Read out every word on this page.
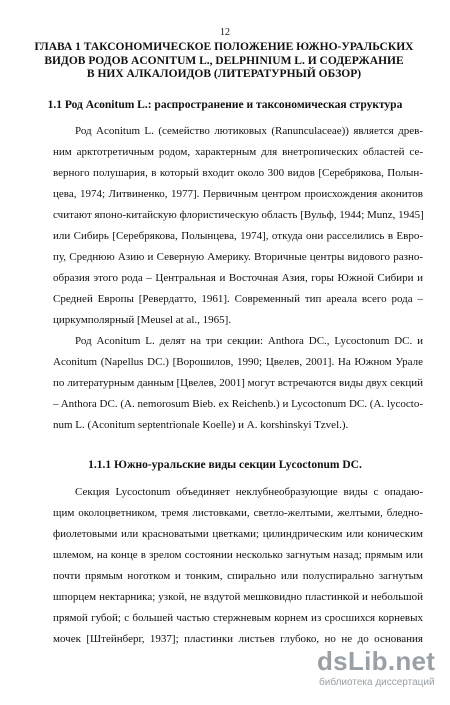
12
ГЛАВА 1 ТАКСОНОМИЧЕСКОЕ ПОЛОЖЕНИЕ ЮЖНО-УРАЛЬСКИХ
ВИДОВ РОДОВ ACONITUM L., DELPHINIUM L. И СОДЕРЖАНИЕ
В НИХ АЛКАЛОИДОВ (ЛИТЕРАТУРНЫЙ ОБЗОР)
1.1 Род Aconitum L.: распространение и таксономическая структура
Род Aconitum L. (семейство лютиковых (Ranunculaceae)) является древ-
ним арктотретичным родом, характерным для внетропических областей се-
верного полушария, в который входит около 300 видов [Серебрякова, Полын-
цева, 1974; Литвиненко, 1977]. Первичным центром происхождения аконитов
считают японо-китайскую флористическую область [Вульф, 1944; Munz, 1945]
или Сибирь [Серебрякова, Полынцева, 1974], откуда они расселились в Евро-
пу, Среднюю Азию и Северную Америку. Вторичные центры видового разно-
образия этого рода – Центральная и Восточная Азия, горы Южной Сибири и
Средней Европы [Ревердатто, 1961]. Современный тип ареала всего рода –
циркумполярный [Meusel at al., 1965].
Род Aconitum L. делят на три секции: Anthora DC., Lycoctonum DC. и
Aconitum (Napellus DC.) [Ворошилов, 1990; Цвелев, 2001]. На Южном Урале
по литературным данным [Цвелев, 2001] могут встречаются виды двух секций
– Anthora DC. (A. nemorosum Bieb. ex Reichenb.) и Lycoctonum DC. (A. lycocto-
num L. (Aconitum septentrionale Koelle) и A. korshinskyi Tzvel.).
1.1.1 Южно-уральские виды секции Lycoctonum DC.
Секция Lycoctonum объединяет неклубнеобразующие виды с опадаю-
щим околоцветником, тремя листовками, светло-желтыми, желтыми, бледно-
фиолетовыми или красноватыми цветками; цилиндрическим или коническим
шлемом, на конце в зрелом состоянии несколько загнутым назад; прямым или
почти прямым ноготком и тонким, спирально или полуспирально загнутым
шпорцем нектарника; узкой, не вздутой мешковидно пластинкой и небольшой
прямой губой; с большей частью стержневым корнем из сросшихся корневых
мочек [Штейнберг, 1937]; пластинки листьев глубоко, но не до основания
dsLib.net
библиотека диссертаций
